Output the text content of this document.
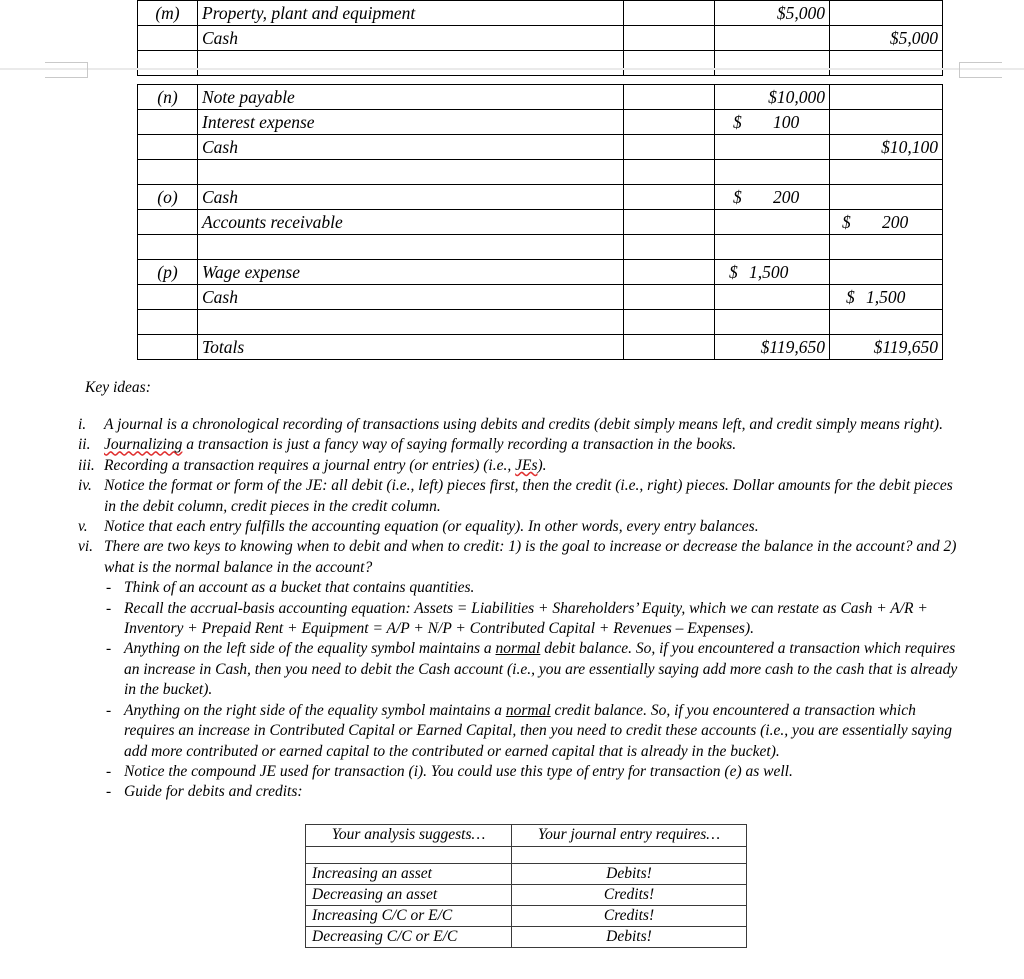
(m)	Property, plant and equipment		$5,000	
	Cash			$5,000

(n)	Note payable		$10,000	
	Interest expense		$ 100	

	Cash			$10,100

(o)	Cash		$ 200	

	Accounts receivable			$ 200

(p)	Wage expense		$ 1,500	

	Cash			$ 1,500

	Totals		$119,650	$119,650
Key ideas:
i.	A journal is a chronological recording of transactions using debits and credits (debit simply means left, and credit simply means right).
ii. Journalizing a transaction is just a fancy way of saying formally recording a transaction in the books.
iii. Recording a transaction requires a journal entry (or entries) (i.e., JEs).
iv. Notice the format or form of the JE: all debit (i.e., left) pieces first, then the credit (i.e., right) pieces. Dollar amounts for the debit pieces in the debit column, credit pieces in the credit column.
v.	Notice that each entry fulfills the accounting equation (or equality). In other words, every entry balances.
vi. There are two keys to knowing when to debit and when to credit: 1) is the goal to increase or decrease the balance in the account? and 2) what is the normal balance in the account?
- Think of an account as a bucket that contains quantities.
- Recall the accrual-basis accounting equation: Assets = Liabilities + Shareholders’ Equity, which we can restate as Cash + A/R + Inventory + Prepaid Rent + Equipment = A/P + N/P + Contributed Capital + Revenues – Expenses).
- Anything on the left side of the equality symbol maintains a normal debit balance. So, if you encountered a transaction which requires an increase in Cash, then you need to debit the Cash account (i.e., you are essentially saying add more cash to the cash that is already in the bucket).
- Anything on the right side of the equality symbol maintains a normal credit balance. So, if you encountered a transaction which requires an increase in Contributed Capital or Earned Capital, then you need to credit these accounts (i.e., you are essentially saying add more contributed or earned capital to the contributed or earned capital that is already in the bucket).
- Notice the compound JE used for transaction (i). You could use this type of entry for transaction (e) as well.
- Guide for debits and credits:
Your analysis suggests…	Your journal entry requires…

Increasing an asset	Debits!
Decreasing an asset	Credits!
Increasing C/C or E/C	Credits!
Decreasing C/C or E/C	Debits!
